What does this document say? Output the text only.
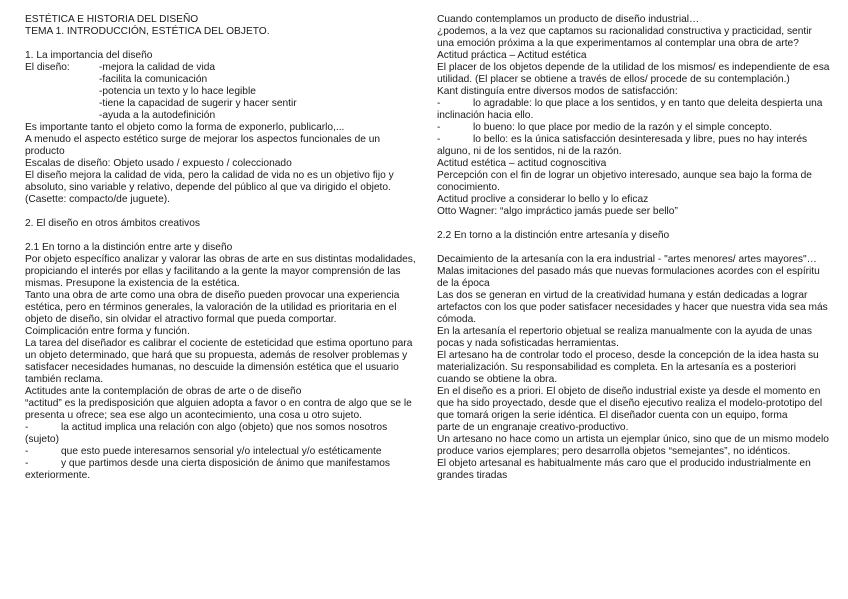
ESTÉTICA E HISTORIA DEL DISEÑO

TEMA 1. INTRODUCCIÓN, ESTÉTICA DEL OBJETO.

1. La importancia del diseño

El diseño:	-mejora la calidad de vida
-facilita la comunicación
-potencia un texto y lo hace legible
-tiene la capacidad de sugerir y hacer sentir
-ayuda a la autodefinición

Es importante tanto el objeto como la forma de exponerlo, publicarlo,...

A menudo el aspecto estético surge de mejorar los aspectos funcionales de un producto

Escalas de diseño: Objeto usado / expuesto / coleccionado

El diseño mejora la calidad de vida, pero la calidad de vida no es un objetivo fijo y absoluto, sino variable y relativo, depende del público al que va dirigido el objeto. (Casette: compacto/de juguete).

2. El diseño en otros ámbitos creativos

2.1 En torno a la distinción entre arte y diseño

Por objeto específico analizar y valorar las obras de arte en sus distintas modalidades, propiciando el interés por ellas y facilitando a la gente la mayor comprensión de las mismas. Presupone la existencia de la estética.

Tanto una obra de arte como una obra de diseño pueden provocar una experiencia estética, pero en términos generales, la valoración de la utilidad es prioritaria en el objeto de diseño, sin olvidar el atractivo formal que pueda comportar.

Coimplicación entre forma y función.

La tarea del diseñador es calibrar el cociente de esteticidad que estima oportuno para un objeto determinado, que hará que su propuesta, además de resolver problemas y satisfacer necesidades humanas, no descuide la dimensión estética que el usuario también reclama.

Actitudes ante la contemplación de obras de arte o de diseño

“actitud” es la predisposición que alguien adopta a favor o en contra de algo que se le presenta u ofrece; sea ese algo un acontecimiento, una cosa u otro sujeto.

-	la actitud implica una relación con algo (objeto) que nos somos nosotros (sujeto)

-	que esto puede interesarnos sensorial y/o intelectual y/o estéticamente

-	y que partimos desde una cierta disposición de ánimo que manifestamos exteriormente.

Cuando contemplamos un producto de diseño industrial…

¿podemos, a la vez que captamos su racionalidad constructiva y practicidad, sentir una emoción próxima a la que experimentamos al contemplar una obra de arte?

Actitud práctica – Actitud estética

El placer de los objetos depende de la utilidad de los mismos/ es independiente de esa utilidad. (El placer se obtiene a través de ellos/ procede de su contemplación.)

Kant distinguía entre diversos modos de satisfacción:

-	lo agradable: lo que place a los sentidos, y en tanto que deleita despierta una inclinación hacia ello.

-	lo bueno: lo que place por medio de la razón y el simple concepto.

-	lo bello: es la única satisfacción desinteresada y libre, pues no hay interés alguno, ni de los sentidos, ni de la razón.

Actitud estética – actitud cognoscitiva

Percepción con el fin de lograr un objetivo interesado, aunque sea bajo la forma de conocimiento.

Actitud proclive a considerar lo bello y lo eficaz

Otto Wagner: “algo impráctico jamás puede ser bello”

2.2 En torno a la distinción entre artesanía y diseño

Decaimiento de la artesanía con la era industrial - "artes menores/ artes mayores"… Malas imitaciones del pasado más que nuevas formulaciones acordes con el espíritu de la época

Las dos se generan en virtud de la creatividad humana y están dedicadas a lograr artefactos con los que poder satisfacer necesidades y hacer que nuestra vida sea más cómoda.

En la artesanía el repertorio objetual se realiza manualmente con la ayuda de unas pocas y nada sofisticadas herramientas.

El artesano ha de controlar todo el proceso, desde la concepción de la idea hasta su materialización. Su responsabilidad es completa. En la artesanía es a posteriori cuando se obtiene la obra.

En el diseño es a priori. El objeto de diseño industrial existe ya desde el momento en que ha sido proyectado, desde que el diseño ejecutivo realiza el modelo-prototipo del que tomará origen la serie idéntica. El diseñador cuenta con un equipo, forma

parte de un engranaje creativo-productivo.

Un artesano no hace como un artista un ejemplar único, sino que de un mismo modelo produce varios ejemplares; pero desarrolla objetos “semejantes”, no idénticos.

El objeto artesanal es habitualmente más caro que el producido industrialmente en grandes tiradas
